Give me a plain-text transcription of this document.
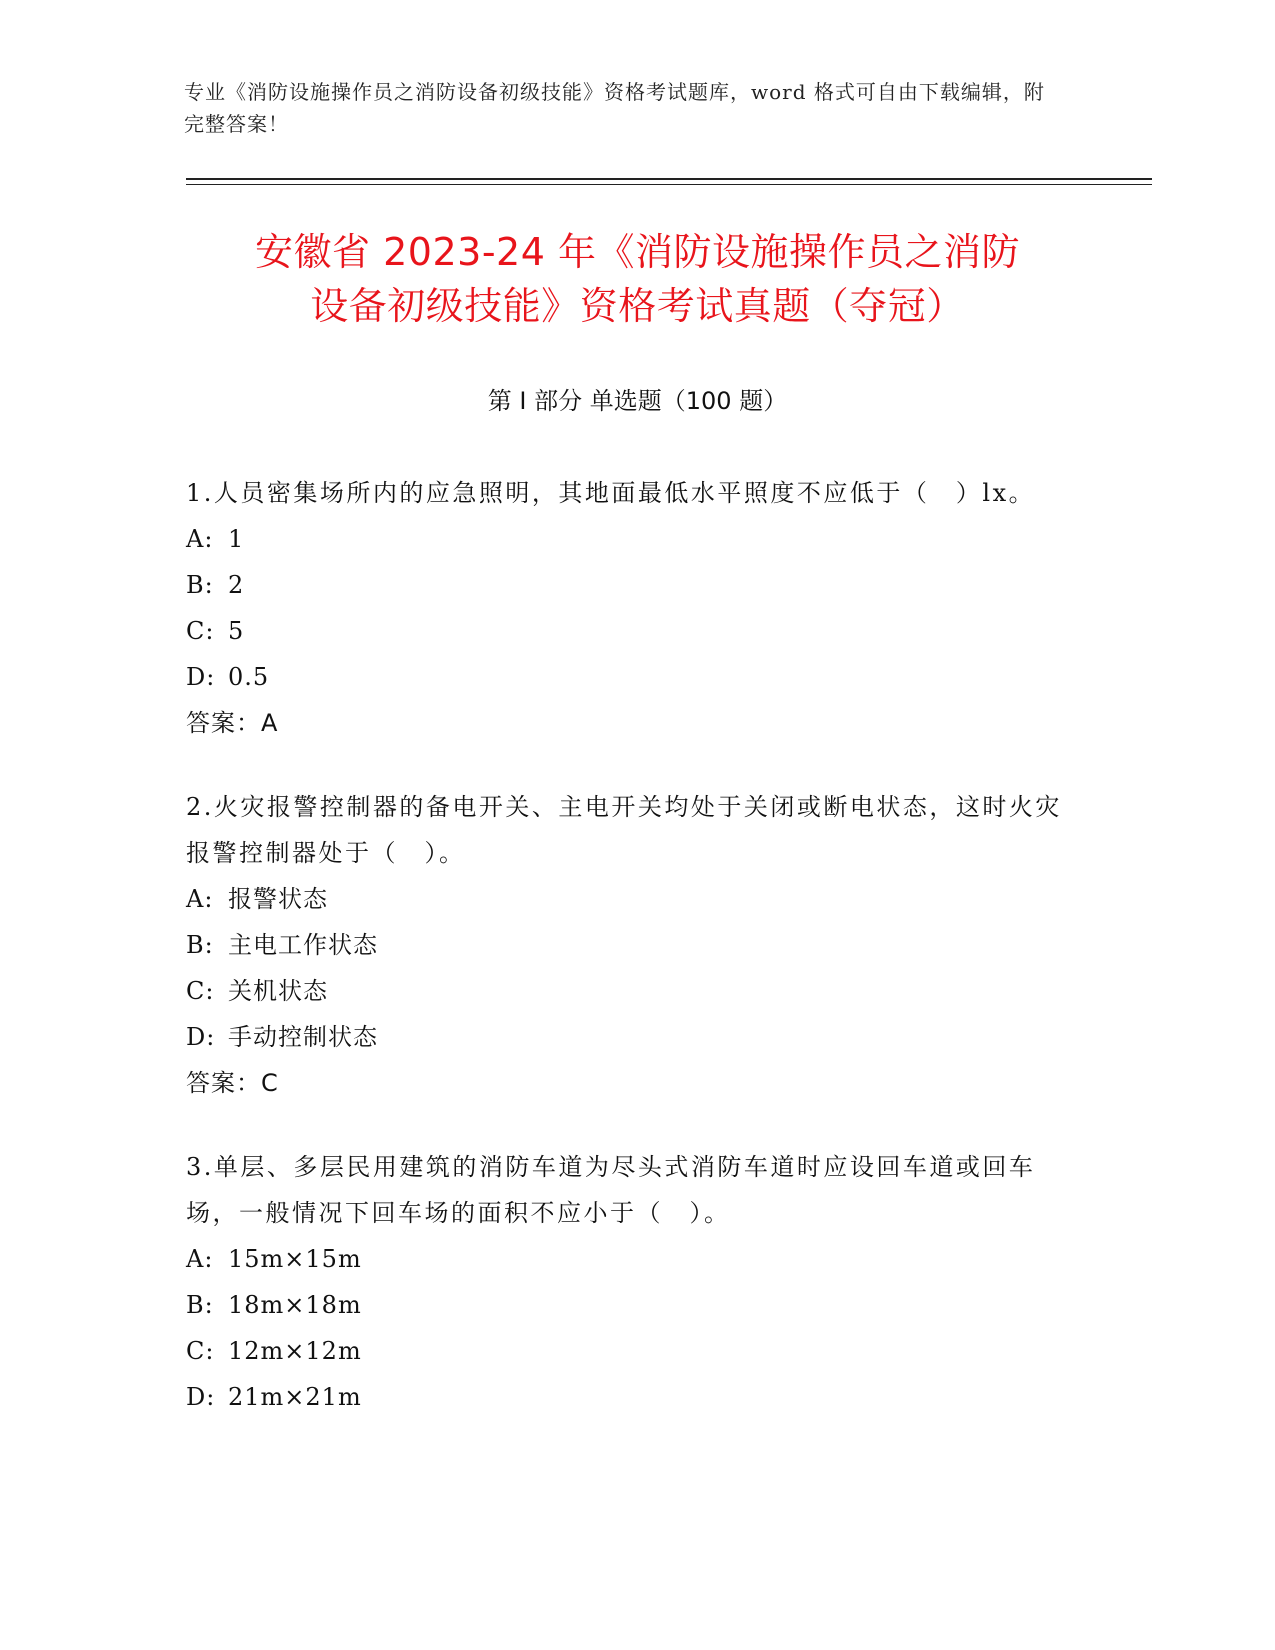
专业《消防设施操作员之消防设备初级技能》资格考试题库，word 格式可自由下载编辑，附完整答案！
安徽省 2023-24 年《消防设施操作员之消防
设备初级技能》资格考试真题（夺冠）
第 I 部分 单选题（100 题）

1.人员密集场所内的应急照明，其地面最低水平照度不应低于（　）lx。

A: 1

B: 2

C: 5

D: 0.5

答案：A

2.火灾报警控制器的备电开关、主电开关均处于关闭或断电状态，这时火灾报警控制器处于（　）。

A: 报警状态

B: 主电工作状态

C: 关机状态

D: 手动控制状态

答案：C

3.单层、多层民用建筑的消防车道为尽头式消防车道时应设回车道或回车场，一般情况下回车场的面积不应小于（　）。

A: 15m×15m

B: 18m×18m

C: 12m×12m

D: 21m×21m
